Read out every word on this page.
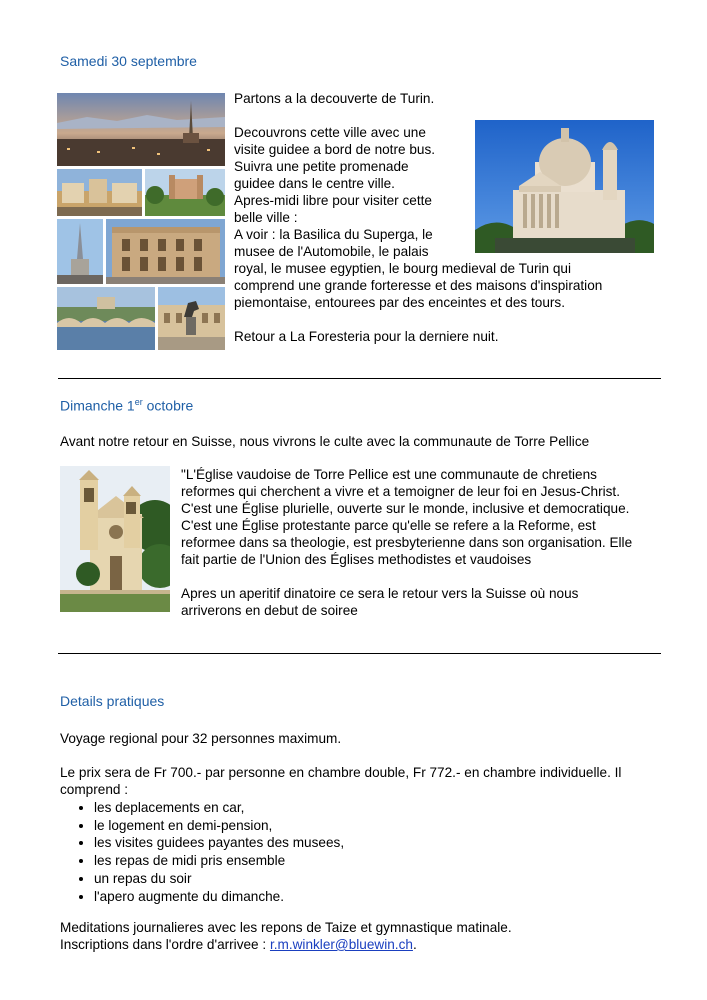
Samedi 30 septembre
Partons a la decouverte de Turin.
Decouvrons cette ville avec une
visite guidee a bord de notre bus.
Suivra une petite promenade
guidee dans le centre ville.
Apres-midi libre pour visiter cette
belle ville :
A voir : la Basilica du Superga, le
musee de l'Automobile, le palais
royal, le musee egyptien, le bourg medieval de Turin qui
comprend une grande forteresse et des maisons d'inspiration
piemontaise, entourees par des enceintes et des tours.
Retour a La Foresteria pour la derniere nuit.
Dimanche 1er octobre
Avant notre retour en Suisse, nous vivrons le culte avec la communaute de Torre Pellice
"L'Église vaudoise de Torre Pellice est une communaute de chretiens
reformes qui cherchent a vivre et a temoigner de leur foi en Jesus-Christ.
C'est une Église plurielle, ouverte sur le monde, inclusive et democratique.
C'est une Église protestante parce qu'elle se refere a la Reforme, est
reformee dans sa theologie, est presbyterienne dans son organisation. Elle
fait partie de l'Union des Églises methodistes et vaudoises
Apres un aperitif dinatoire ce sera le retour vers la Suisse où nous
arriverons en debut de soiree
Details pratiques
Voyage regional pour 32 personnes maximum.
Le prix sera de Fr 700.- par personne en chambre double, Fr 772.- en chambre individuelle. Il
comprend :
• les deplacements en car,
• le logement en demi-pension,
• les visites guidees payantes des musees,
• les repas de midi pris ensemble
• un repas du soir
• l'apero augmente du dimanche.
Meditations journalieres avec les repons de Taize et gymnastique matinale.
Inscriptions dans l'ordre d'arrivee : r.m.winkler@bluewin.ch.
